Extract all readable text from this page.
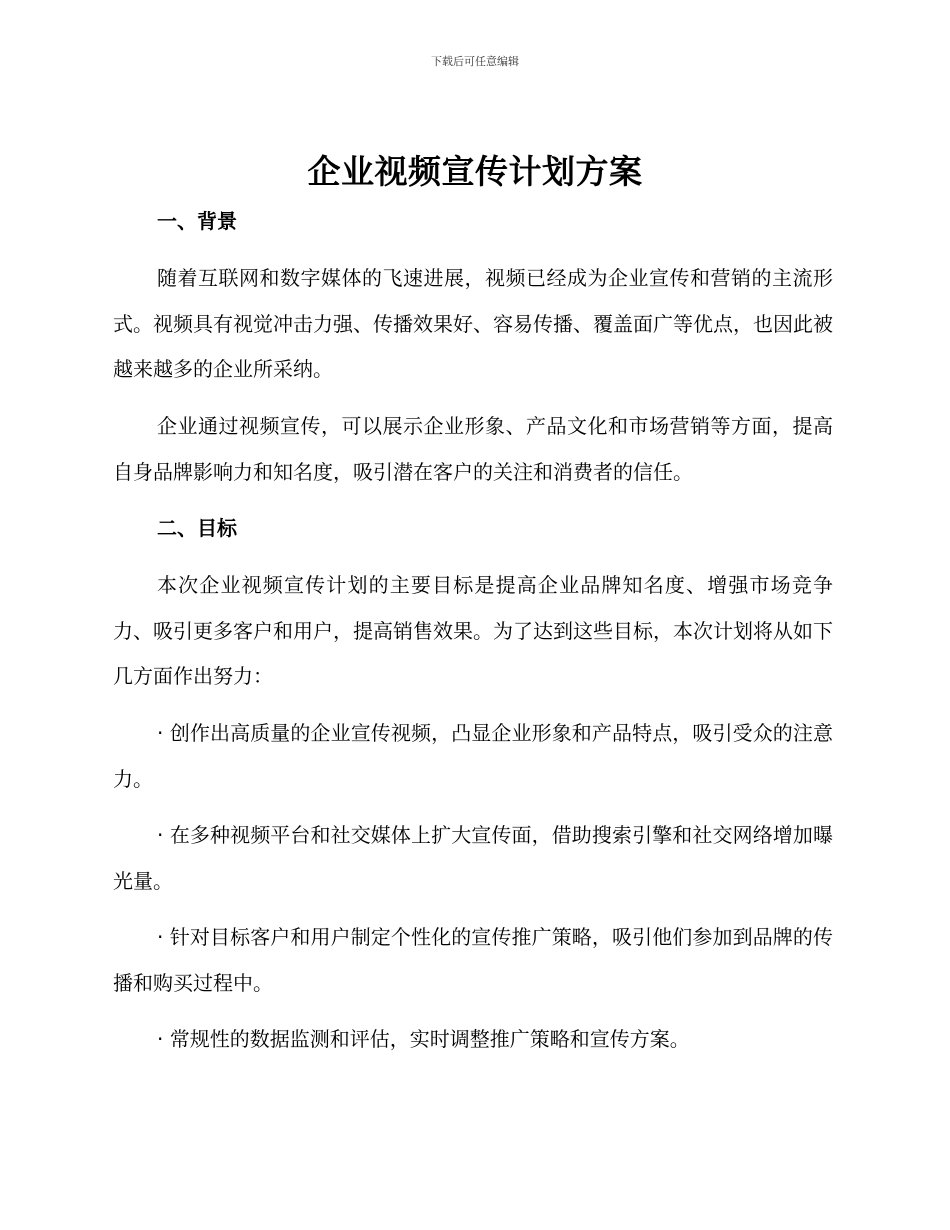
下载后可任意编辑
企业视频宣传计划方案
一、背景
随着互联网和数字媒体的飞速进展，视频已经成为企业宣传和营销的主流形式。视频具有视觉冲击力强、传播效果好、容易传播、覆盖面广等优点，也因此被越来越多的企业所采纳。
企业通过视频宣传，可以展示企业形象、产品文化和市场营销等方面，提高自身品牌影响力和知名度，吸引潜在客户的关注和消费者的信任。
二、目标
本次企业视频宣传计划的主要目标是提高企业品牌知名度、增强市场竞争力、吸引更多客户和用户，提高销售效果。为了达到这些目标，本次计划将从如下几方面作出努力：
· 创作出高质量的企业宣传视频，凸显企业形象和产品特点，吸引受众的注意力。
· 在多种视频平台和社交媒体上扩大宣传面，借助搜索引擎和社交网络增加曝光量。
· 针对目标客户和用户制定个性化的宣传推广策略，吸引他们参加到品牌的传播和购买过程中。
· 常规性的数据监测和评估，实时调整推广策略和宣传方案。
